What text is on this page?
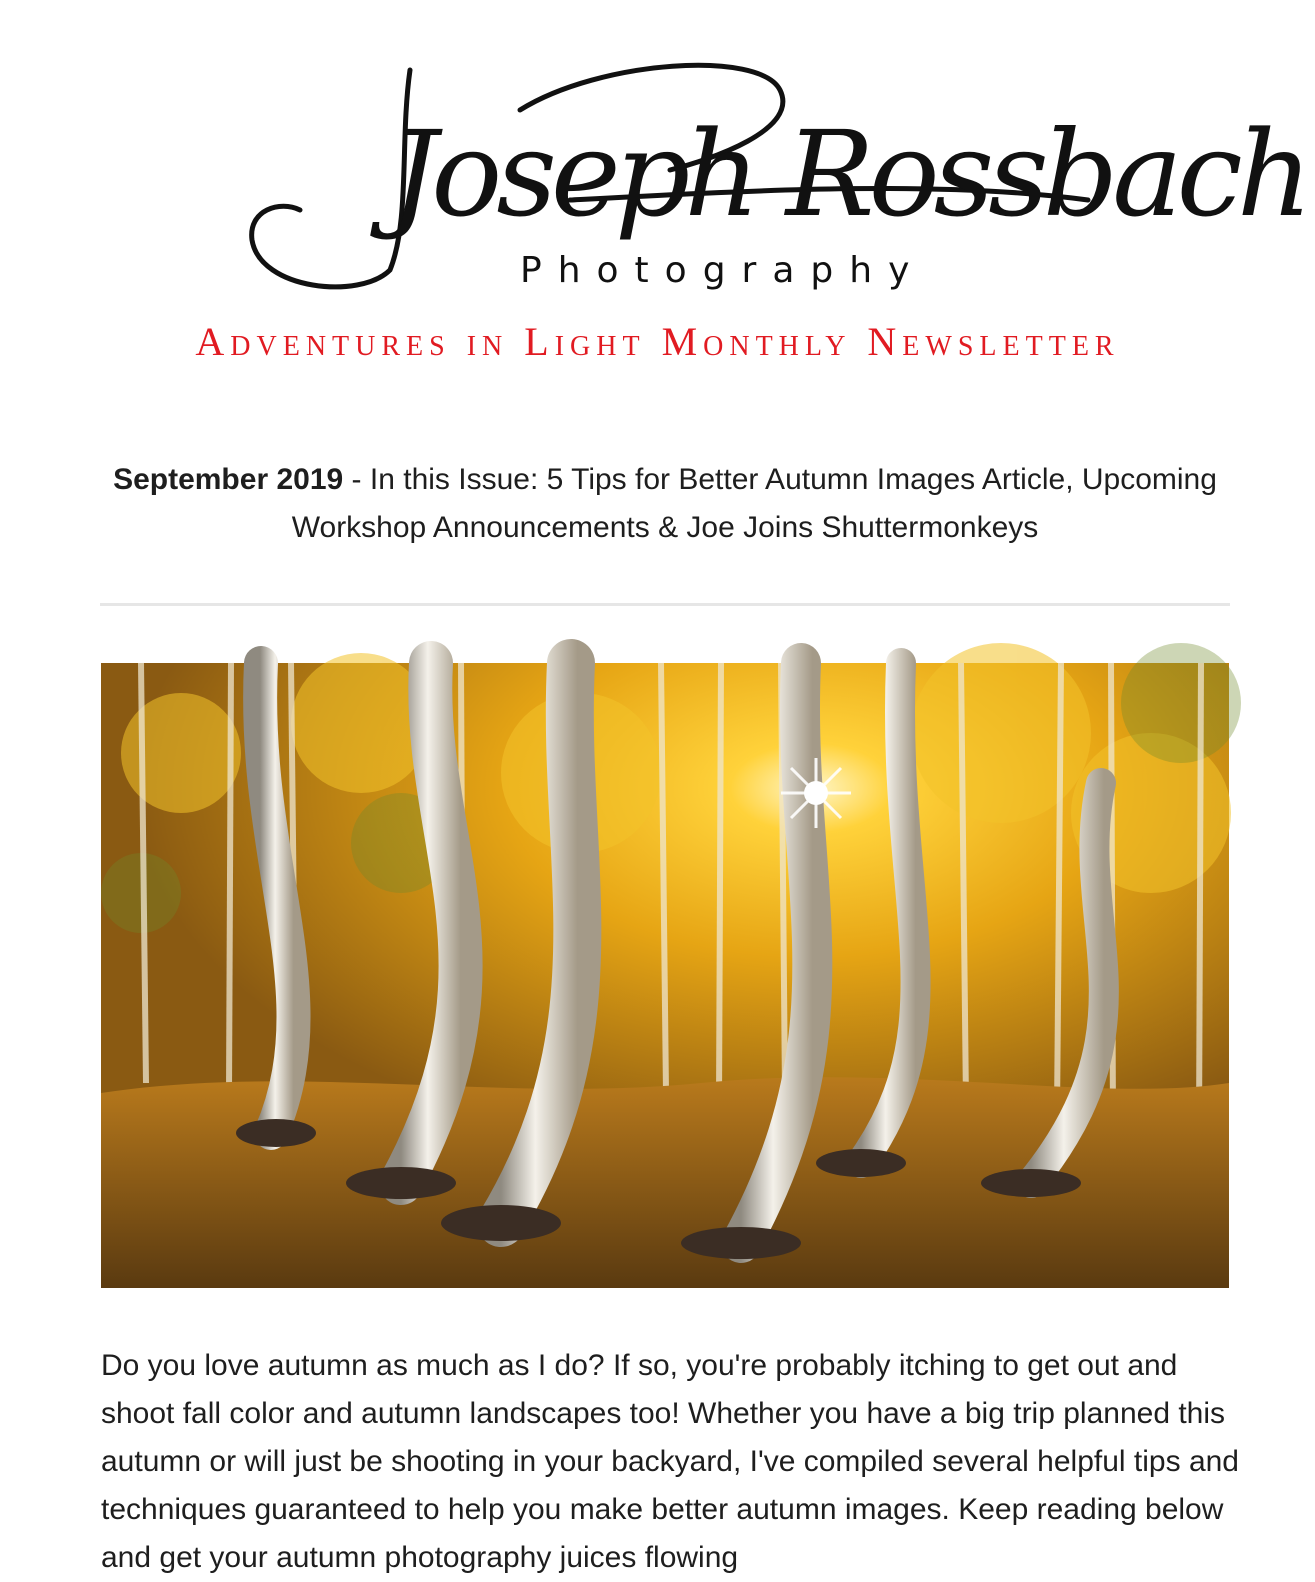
Joseph Rossbach
Photography
Adventures in Light Monthly Newsletter
September 2019 - In this Issue: 5 Tips for Better Autumn Images Article, Upcoming Workshop Announcements & Joe Joins Shuttermonkeys

Do you love autumn as much as I do? If so, you're probably itching to get out and shoot fall color and autumn landscapes too! Whether you have a big trip planned this autumn or will just be shooting in your backyard, I've compiled several helpful tips and techniques guaranteed to help you make better autumn images. Keep reading below and get your autumn photography juices flowing
